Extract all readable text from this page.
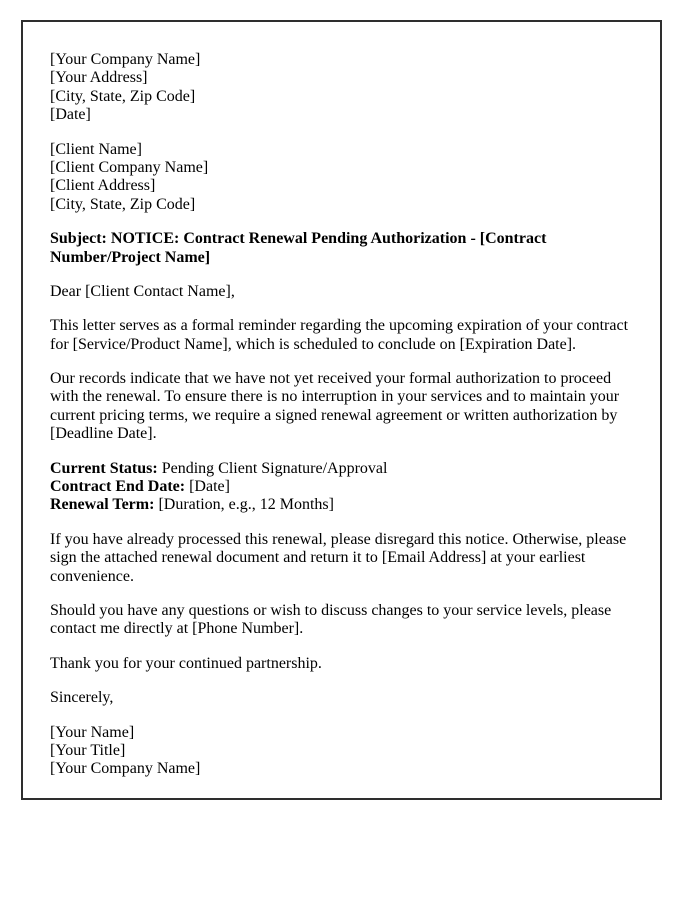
[Your Company Name]
[Your Address]
[City, State, Zip Code]
[Date]
[Client Name]
[Client Company Name]
[Client Address]
[City, State, Zip Code]

Subject: NOTICE: Contract Renewal Pending Authorization - [Contract Number/Project Name]

Dear [Client Contact Name],

This letter serves as a formal reminder regarding the upcoming expiration of your contract for [Service/Product Name], which is scheduled to conclude on [Expiration Date].

Our records indicate that we have not yet received your formal authorization to proceed with the renewal. To ensure there is no interruption in your services and to maintain your current pricing terms, we require a signed renewal agreement or written authorization by [Deadline Date].

Current Status: Pending Client Signature/Approval
Contract End Date: [Date]
Renewal Term: [Duration, e.g., 12 Months]

If you have already processed this renewal, please disregard this notice. Otherwise, please sign the attached renewal document and return it to [Email Address] at your earliest convenience.

Should you have any questions or wish to discuss changes to your service levels, please contact me directly at [Phone Number].

Thank you for your continued partnership.

Sincerely,

[Your Name]
[Your Title]
[Your Company Name]
